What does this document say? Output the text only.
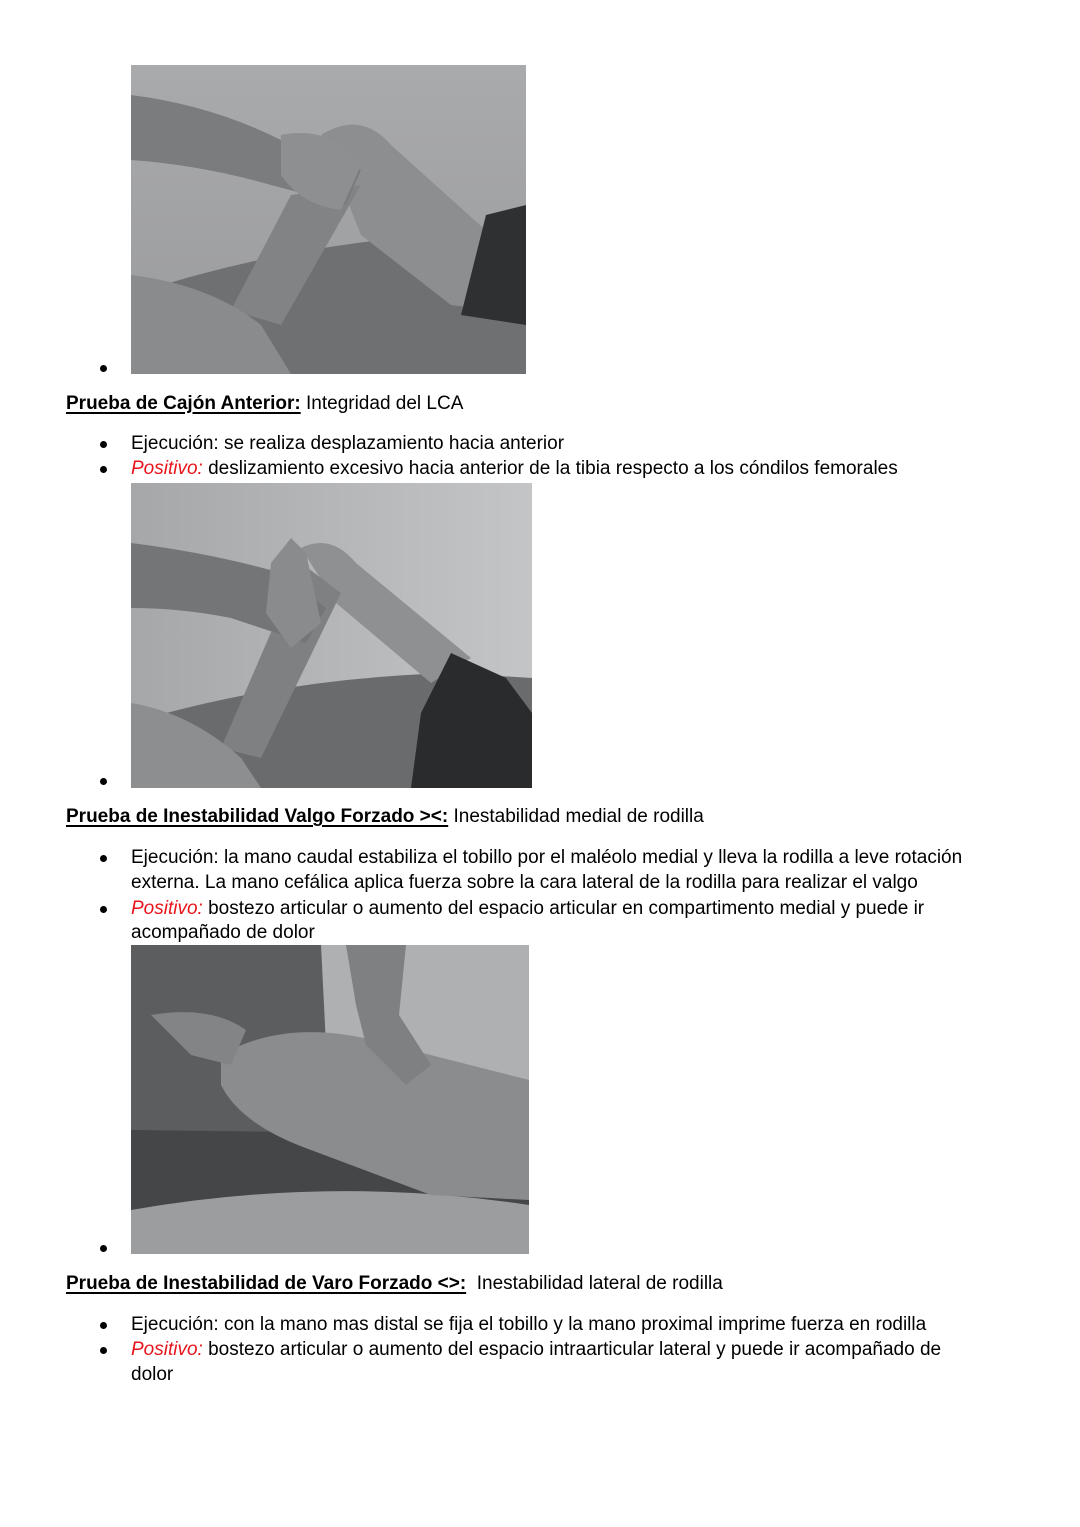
Prueba de Cajón Anterior: Integridad del LCA
Ejecución: se realiza desplazamiento hacia anterior
Positivo: deslizamiento excesivo hacia anterior de la tibia respecto a los cóndilos femorales
Prueba de Inestabilidad Valgo Forzado ><: Inestabilidad medial de rodilla
Ejecución: la mano caudal estabiliza el tobillo por el maléolo medial y lleva la rodilla a leve rotación
externa. La mano cefálica aplica fuerza sobre la cara lateral de la rodilla para realizar el valgo
Positivo: bostezo articular o aumento del espacio articular en compartimento medial y puede ir
acompañado de dolor
Prueba de Inestabilidad de Varo Forzado <>:  Inestabilidad lateral de rodilla
Ejecución: con la mano mas distal se fija el tobillo y la mano proximal imprime fuerza en rodilla
Positivo: bostezo articular o aumento del espacio intraarticular lateral y puede ir acompañado de
dolor
